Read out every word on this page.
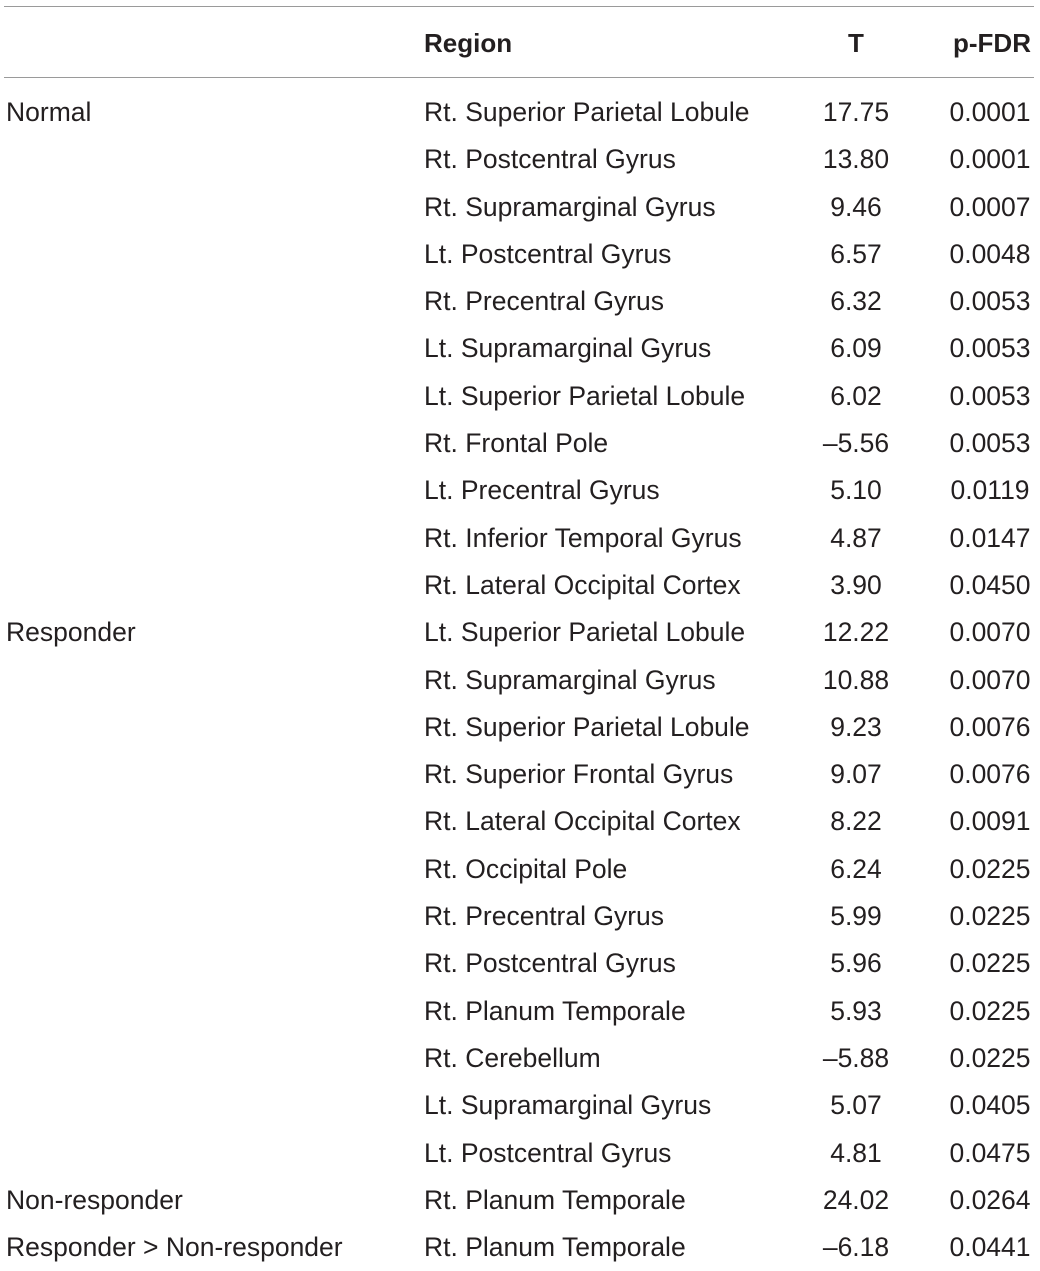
Region	T	p-FDR
Normal	Rt. Superior Parietal Lobule	17.75	0.0001
Rt. Postcentral Gyrus	13.80	0.0001
Rt. Supramarginal Gyrus	9.46	0.0007
Lt. Postcentral Gyrus	6.57	0.0048
Rt. Precentral Gyrus	6.32	0.0053
Lt. Supramarginal Gyrus	6.09	0.0053
Lt. Superior Parietal Lobule	6.02	0.0053
Rt. Frontal Pole	–5.56	0.0053
Lt. Precentral Gyrus	5.10	0.0119
Rt. Inferior Temporal Gyrus	4.87	0.0147
Rt. Lateral Occipital Cortex	3.90	0.0450
Responder	Lt. Superior Parietal Lobule	12.22	0.0070
Rt. Supramarginal Gyrus	10.88	0.0070
Rt. Superior Parietal Lobule	9.23	0.0076
Rt. Superior Frontal Gyrus	9.07	0.0076
Rt. Lateral Occipital Cortex	8.22	0.0091
Rt. Occipital Pole	6.24	0.0225
Rt. Precentral Gyrus	5.99	0.0225
Rt. Postcentral Gyrus	5.96	0.0225
Rt. Planum Temporale	5.93	0.0225
Rt. Cerebellum	–5.88	0.0225
Lt. Supramarginal Gyrus	5.07	0.0405
Lt. Postcentral Gyrus	4.81	0.0475
Non-responder	Rt. Planum Temporale	24.02	0.0264
Responder > Non-responder	Rt. Planum Temporale	–6.18	0.0441
